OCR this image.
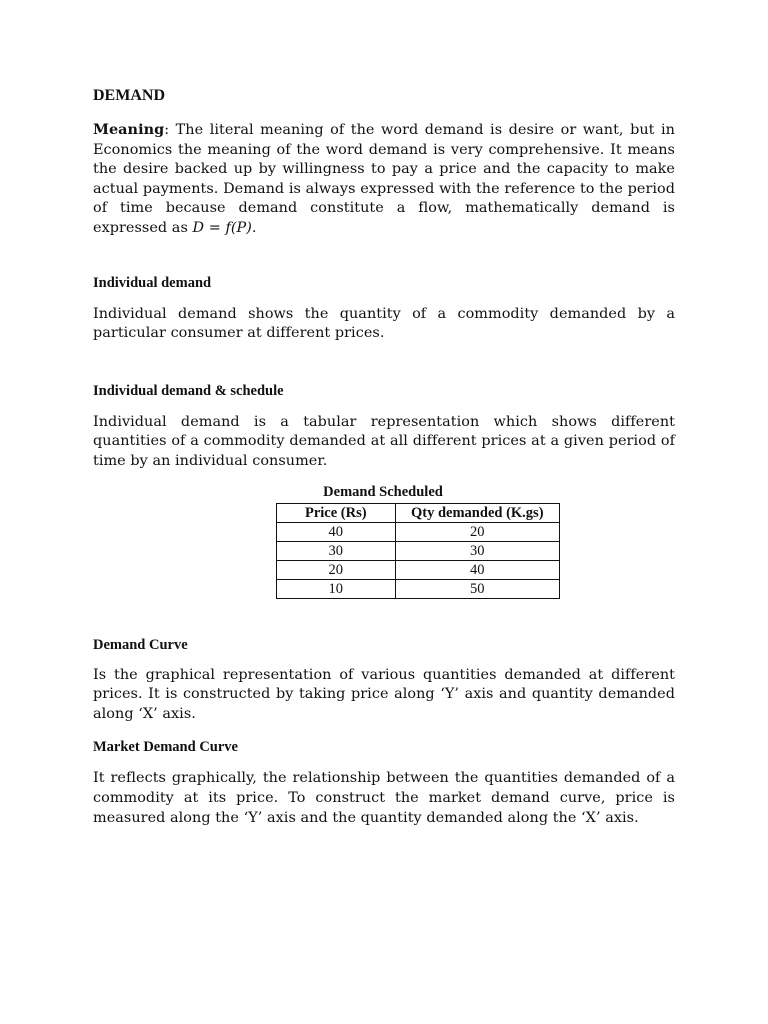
DEMAND

Meaning: The literal meaning of the word demand is desire or want, but in Economics the meaning of the word demand is very comprehensive. It means the desire backed up by willingness to pay a price and the capacity to make actual payments. Demand is always expressed with the reference to the period of time because demand constitute a flow, mathematically demand is expressed as D = f(P).

Individual demand

Individual demand shows the quantity of a commodity demanded by a particular consumer at different prices.

Individual demand & schedule

Individual demand is a tabular representation which shows different quantities of a commodity demanded at all different prices at a given period of time by an individual consumer.

Demand Scheduled
Price (Rs)	Qty demanded (K.gs)
40	20
30	30
20	40
10	50
Demand Curve

Is the graphical representation of various quantities demanded at different prices. It is constructed by taking price along ‘Y’ axis and quantity demanded along ‘X’ axis.

Market Demand Curve

It reflects graphically, the relationship between the quantities demanded of a commodity at its price. To construct the market demand curve, price is measured along the ‘Y’ axis and the quantity demanded along the ‘X’ axis.
